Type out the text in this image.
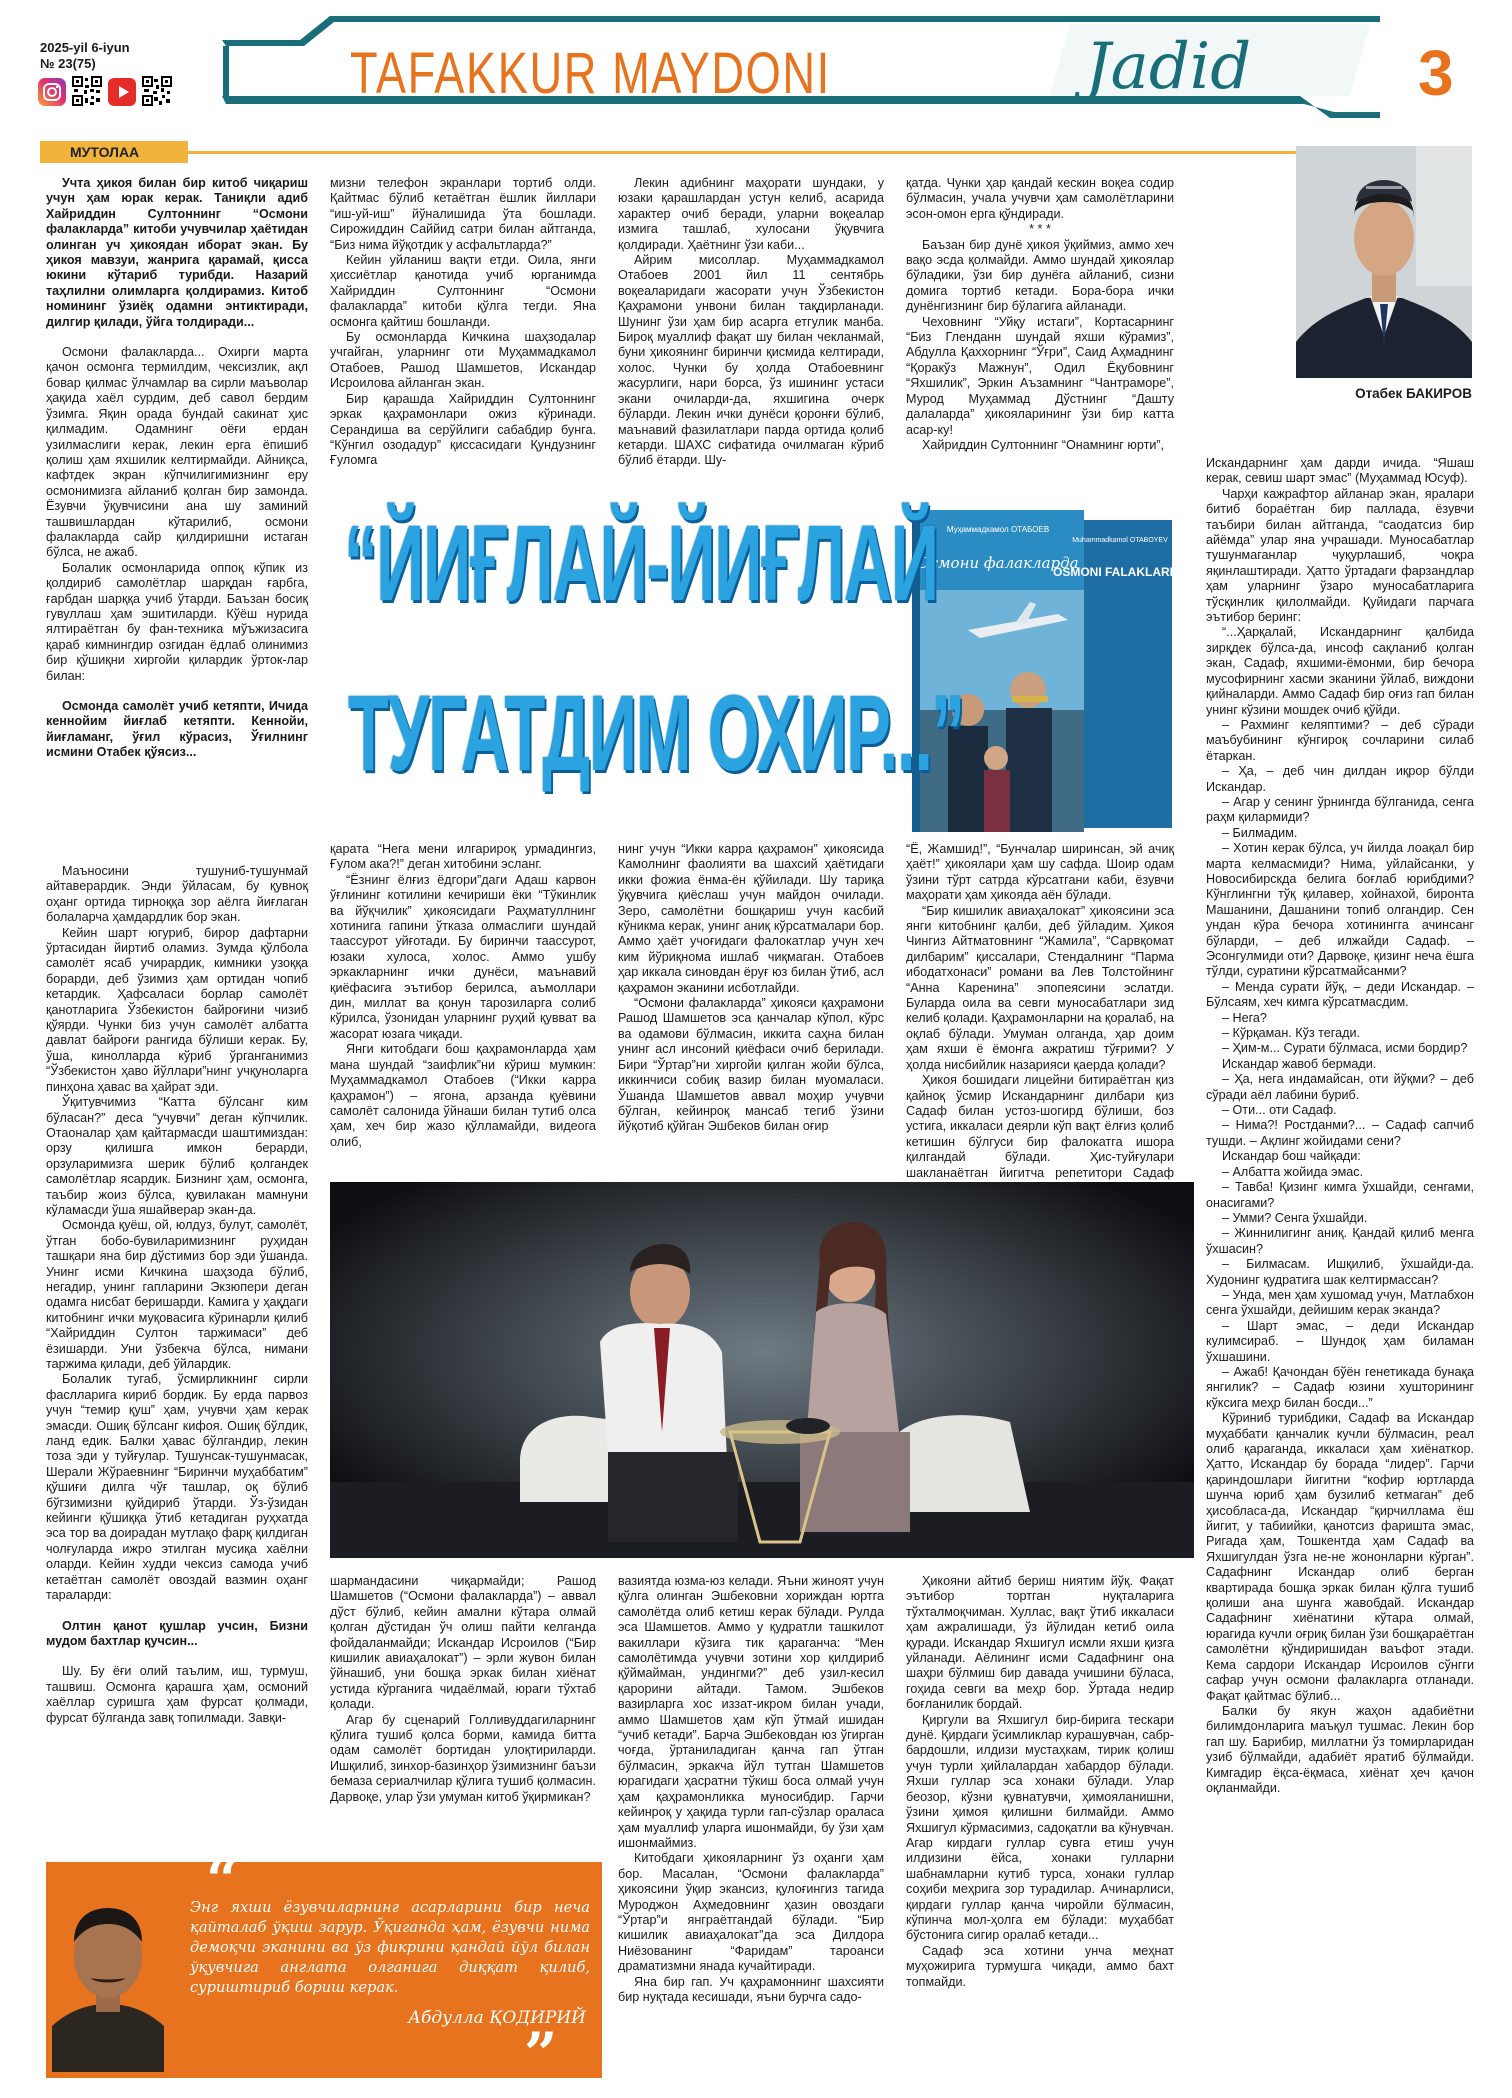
2025-yil 6-iyun
№ 23(75)	TAFAKKUR MAYDONI	Jadid	3
МУТОЛАА
Отабек БАКИРОВ

Учта ҳикоя билан бир китоб чиқариш учун ҳам юрак керак. Таниқли адиб Хайриддин Султоннинг “Осмони фалакларда” китоби учувчилар ҳаётидан олинган уч ҳикоядан иборат экан. Бу ҳикоя мавзуи, жанрига қарамай, қисса юкини кўтариб турибди. Назарий таҳлилни олимларга қолдирамиз. Китоб номининг ўзиёқ одамни энтиктиради, дилгир қилади, ўйга толдиради...

Осмони фалакларда... Охирги марта қачон осмонга термилдим, чексизлик, ақл бовар қилмас ўлчамлар ва сирли маъволар ҳақида хаёл сурдим, деб савол бердим ўзимга. Яқин орада бундай сакинат ҳис қилмадим. Одамнинг оёғи ердан узилмаслиги керак, лекин ерга ёпишиб қолиш ҳам яхшилик келтирмайди. Айниқса, кафтдек экран кўпчилигимизнинг еру осмонимизга айланиб қолган бир замонда. Ёзувчи ўқувчисини ана шу заминий ташвишлардан кўтарилиб, осмони фалакларда сайр қилдиришни истаган бўлса, не ажаб.

Болалик осмонларида оппоқ кўпик из қолдириб самолётлар шарқдан ғарбга, ғарбдан шарққа учиб ўтарди. Баъзан босиқ гувуллаш ҳам эшитиларди. Кўёш нурида ялтираётган бу фан-техника мўъжизасига қараб кимнингдир озгидан ёдлаб олинимиз бир қўшиқни хиргойи қилардик ўрток-лар билан:

Осмонда самолёт учиб кетяпти, Ичида кеннойим йиғлаб кетяпти. Кеннойи, йиғламанг, ўғил кўрасиз, Ўғилнинг исмини Отабек қўясиз...

мизни телефон экранлари тортиб олди. Қайтмас бўлиб кетаётган ёшлик йиллари “иш-уй-иш” йўналишида ўта бошлади. Сирожиддин Саййид сатри билан айтганда, “Биз нима йўқотдик у асфальтларда?”

Кейин уйланиш вақти етди. Оила, янги ҳиссиётлар қанотида учиб юрганимда Хайриддин Султоннинг “Осмони фалакларда” китоби қўлга тегди. Яна осмонга қайтиш бошланди.

Бу осмонларда Кичкина шаҳзодалар учгайган, уларнинг оти Муҳаммадкамол Отабоев, Рашод Шамшетов, Искандар Исроилова айланган экан.

Бир қарашда Хайриддин Султоннинг эркак қаҳрамонлари ожиз кўринади. Серандиша ва серўйлиги сабабдир бунга. “Кўнгил озодадур” қиссасидаги Қундузнинг Ғуломга

Лекин адибнинг маҳорати шундаки, у юзаки қарашлардан устун келиб, асарида характер очиб беради, уларни воқеалар измига ташлаб, хулосани ўқувчига қолдиради. Ҳаётнинг ўзи каби...

Айрим мисоллар. Муҳаммадкамол Отабоев 2001 йил 11 сентябрь воқеаларидаги жасорати учун Ўзбекистон Қаҳрамони унвони билан тақдирланади. Шунинг ўзи ҳам бир асарга етгулик манба. Бироқ муаллиф фақат шу билан чекланмай, буни ҳикоянинг биринчи қисмида келтиради, холос. Чунки бу ҳолда Отабоевнинг жасурлиги, нари борса, ўз ишининг устаси экани очиларди-да, яхшигина очерк бўларди. Лекин ички дунёси қоронғи бўлиб, маънавий фазилатлари парда ортида қолиб кетарди. ШАХС сифатида очилмаган кўриб бўлиб ётарди. Шу-

қатда. Чунки ҳар қандай кескин воқеа содир бўлмасин, учала учувчи ҳам самолётларини эсон-омон ерга қўндиради.

* * *

Баъзан бир дунё ҳикоя ўқиймиз, аммо хеч вақо эсда қолмайди. Аммо шундай ҳикоялар бўладики, ўзи бир дунёга айланиб, сизни домига тортиб кетади. Бора-бора ички дунёнгизнинг бир бўлагига айланади.

Чеховнинг “Уйқу истаги”, Кортасарнинг “Биз Гленданн шундай яхши кўрамиз”, Абдулла Қаххорнинг “Ўғри”, Саид Аҳмаднинг “Қоракўз Мажнун”, Одил Ёқубовнинг “Яхшилик”, Эркин Аъзамнинг “Чантраморе”, Мурод Муҳаммад Дўстнинг “Дашту далаларда” ҳикояларининг ўзи бир катта асар-ку!

Хайриддин Султоннинг “Онамнинг юрти”,

Искандарнинг ҳам дарди ичида. “Яшаш керак, севиш шарт эмас” (Муҳаммад Юсуф).

Чарҳи кажрафтор айланар экан, яралари битиб бораётган бир паллада, ёзувчи таъбири билан айтганда, “саодатсиз бир айёмда” улар яна учрашади. Муносабатлар тушунмаганлар чуқурлашиб, чоқра яқинлаштиради. Ҳатто ўртадаги фарзандлар ҳам уларнинг ўзаро муносабатларига тўсқинлик қилолмайди. Қуйидаги парчага эътибор беринг:

“...Ҳарқалай, Искандарнинг қалбида зирқдек бўлса-да, инсоф сақланиб қолган экан, Садаф, яхшими-ёмонми, бир бечора мусофирнинг хасми эканини ўйлаб, виждони қийналарди. Аммо Садаф бир оғиз гап билан унинг кўзини мошдек очиб қўйди.

– Рахминг келяптими? – деб сўради маъбубининг кўнгироқ сочларини силаб ётаркан.

– Ҳа, – деб чин дилдан иқрор бўлди Искандар.

– Агар у сенинг ўрнингда бўлганида, сенга раҳм қилармиди?

– Билмадим.

– Хотин керак бўлса, уч йилда лоақал бир марта келмасмиди? Нима, уйлайсанки, у Новосибирскда белига боғлаб юрибдими? Кўнглингни тўқ қилавер, хойнахой, биронта Машанини, Дашанини топиб олгандир. Сен ундан кўра бечора хотинингга ачинсанг бўларди, – деб илжайди Садаф. – Эсонгулмиди оти? Дарвоқе, қизинг неча ёшга тўлди, суратини кўрсатмайсанми?

– Менда сурати йўқ, – деди Искандар. – Бўлсаям, хеч кимга кўрсатмасдим.

– Нега?

– Кўрқаман. Кўз тегади.

– Ҳим-м... Сурати бўлмаса, исми бордир?

Искандар жавоб бермади.

– Ҳа, нега индамайсан, оти йўқми? – деб сўради аёл лабини буриб.

– Оти... оти Садаф.

– Нима?! Ростданми?... – Садаф сапчиб тушди. – Ақлинг жойидами сени?

Искандар бош чайқади:

– Албатта жойида эмас.

– Тавба! Қизинг кимга ўхшайди, сенгами, онасигами?

– Умми? Сенга ўхшайди.

– Жиннилигинг аниқ. Қандай қилиб менга ўхшасин?

– Билмасам. Ишқилиб, ўхшайди-да. Худонинг қудратига шак келтирмассан?

– Унда, мен ҳам хушомад учун, Матлабхон сенга ўхшайди, дейишим керак эканда?

– Шарт эмас, – деди Искандар кулимсираб. – Шундоқ ҳам биламан ўхшашини.

– Ажаб! Қачондан бўён генетикада бунақа янгилик? – Садаф юзини хушторининг кўксига меҳр билан босди...”

Кўриниб турибдики, Садаф ва Искандар муҳаббати қанчалик кучли бўлмасин, реал олиб қараганда, иккаласи ҳам хиёнаткор. Ҳатто, Искандар бу борада “лидер”. Гарчи қариндошлари йигитни “кофир юртларда шунча юриб ҳам бузилиб кетмаган” деб ҳисобласа-да, Искандар “қирчиллама ёш йигит, у табиийки, қанотсиз фаришта эмас, Ригада ҳам, Тошкентда ҳам Садаф ва Яхшигулдан ўзга не-не жононларни кўрган”. Садафнинг Искандар олиб берган квартирада бошқа эркак билан қўлга тушиб қолиши ана шунга жавобдай. Искандар Садафнинг хиёнатини кўтара олмай, юрагида кучли оғриқ билан ўзи бошқараётган самолётни қўндиришидан ваъфот этади. Кема сардори Искандар Исроилов сўнгги сафар учун осмони фалакларга отланади. Фақат қайтмас бўлиб...

Балки бу якун жаҳон адабиётни билимдонларига маъқул тушмас. Лекин бор гап шу. Барибир, миллатни ўз томирларидан узиб бўлмайди, адабиёт яратиб бўлмайди. Кимгадир ёқса-ёқмаса, хиёнат ҳеч қачон оқланмайди.

Маъносини тушуниб-тушунмай айтаверардик. Энди ўйласам, бу қувноқ оҳанг ортида тирноққа зор аёлга йиғлаган болаларча ҳамдардлик бор экан.

Кейин шарт югуриб, бирор дафтарни ўртасидан йиртиб оламиз. Зумда қўлбола самолёт ясаб учирардик, кимники узоққа борарди, деб ўзимиз ҳам ортидан чопиб кетардик. Ҳафсалаcи борлар самолёт қанотларига Ўзбекистон байроғини чизиб қўярди. Чунки биз учун самолёт албатта давлат байроғи рангида бўлиши керак. Бу, ўша, кинолларда кўриб ўрганганимиз “Ўзбекистон ҳаво йўллари”нинг учқуноларга пинҳона ҳавас ва ҳайрат эди.

Ўқитувчимиз “Катта бўлсанг ким бўласан?” деса “учувчи” деган кўпчилик. Отаоналар ҳам қайтармасди шаштимиздан: орзу қилишга имкон берарди, орзуларимизга шерик бўлиб қолгандек самолётлар ясардик. Бизнинг ҳам, осмонга, таъбир жоиз бўлса, қувилакан мамнуни кўламасди ўша яшайверар экан-да.

Осмонда қуёш, ой, юлдуз, булут, самолёт, ўтган бобо-бувиларимизнинг руҳидан ташқари яна бир дўстимиз бор эди ўшанда. Унинг исми Кичкина шаҳзода бўлиб, негадир, унинг гапларини Экзюпери деган одамга нисбат беришарди. Камига у ҳақдаги китобнинг ички муқовасига кўринарли қилиб “Хайриддин Султон таржимаси” деб ёзишарди. Уни ўзбекча бўлса, нимани таржима қилади, деб ўйлардик.

Болалик тугаб, ўсмирликнинг сирли фаслларига кириб бордик. Бу ерда парвоз учун “темир қуш” ҳам, учувчи ҳам керак эмасди. Ошиқ бўлсанг кифоя. Ошиқ бўлдик, ланд едик. Балки ҳавас бўлгандир, лекин тоза эди у туйғулар. Тушунсак-тушунмасак, Шерали Жўраевнинг “Биринчи муҳаббатим” қўшиғи дилга чўғ ташлар, оқ бўлиб бўгзимизни қуйдириб ўтарди. Ўз-ўзидан кейинги қўшиққа ўтиб кетадиган руҳхатда эса тор ва доирадан мутлақо фарқ қилдиган чолғуларда ижро этилган мусиқа хаёлни оларди. Кейин худди чексиз самода учиб кетаётган самолёт овоздай вазмин оҳанг тараларди:

Олтин қанот қушлар учсин, Бизни мудом бахтлар қучсин...

Шу. Бу ёғи олий таълим, иш, турмуш, ташвиш. Осмонга қарашга ҳам, осмоний хаёллар суришга ҳам фурсат қолмади, фурсат бўлганда завқ топилмади. Завқи-

қарата “Нега мени илгарироқ урмадингиз, Ғулом ака?!” деган хитобини эсланг.

“Ёзнинг ёлғиз ёдгори”даги Адаш карвон ўғлининг котилини кечириши ёки “Тўкинлик ва йўқчилик” ҳикоясидаги Раҳматуллнинг хотинига гапини ўтказа олмаслиги шундай таассурот уйғотади. Бу биринчи таассурот, юзаки хулоса, холос. Аммо ушбу эркакларнинг ички дунёси, маънавий қиёфасига эътибор берилса, аъмоллари дин, миллат ва қонун тарозиларга солиб кўрилса, ўзонидан уларнинг руҳий қувват ва жасорат юзага чиқади.

Янги китобдаги бош қаҳрамонларда ҳам мана шундай “заифлик”ни кўриш мумкин: Муҳаммадкамол Отабоев (“Икки карра қаҳрамон”) – ягона, арзанда қуёвини самолёт салонида ўйнаши билан тутиб олса ҳам, хеч бир жазо қўлламайди, видеога олиб,

нинг учун “Икки карра қаҳрамон” ҳикоясида Камолнинг фаолияти ва шахсий ҳаётидаги икки фожиа ёнма-ён қўйилади. Шу тариқа ўқувчига қиёслаш учун майдон очилади. Зеро, самолётни бошқариш учун касбий кўникма керак, унинг аниқ кўрсатмалари бор. Аммо ҳаёт учоғидаги фалокатлар учун хеч ким йўриқнома ишлаб чиқмаган. Отабоев ҳар иккала синовдан ёруғ юз билан ўтиб, асл қаҳрамон эканини исботлайди.

“Осмони фалакларда” ҳикояси қаҳрамони Рашод Шамшетов эса қанчалар кўпол, кўрс ва одамови бўлмасин, иккита саҳна билан унинг асл инсоний қиёфаси очиб берилади. Бири “Ўртар”ни хиргойи қилган жойи бўлса, иккинчиси собиқ вазир билан муомаласи. Ўшанда Шамшетов аввал моҳир учувчи бўлган, кейинроқ мансаб тегиб ўзини йўқотиб қўйган Эшбеков билан оғир

“Ё, Жамшид!”, “Бунчалар ширинсан, эй ачиқ ҳаёт!” ҳикоялари ҳам шу сафда. Шоир одам ўзини тўрт сатрда кўрсатгани каби, ёзувчи маҳорати ҳам ҳикояда аён бўлади.

“Бир кишилик авиаҳалокат” ҳикоясини эса янги китобнинг қалби, деб ўйладим. Ҳикоя Чингиз Айтматовнинг “Жамила”, “Сарвқомат дилбарим” қиссалари, Стендалнинг “Парма ибодатхонаси” романи ва Лев Толстойнинг “Анна Каренина” эпопеясини эслатди. Буларда оила ва севги муносабатлари зид келиб қолади. Қаҳрамонларни на қоралаб, на оқлаб бўлади. Умуман олганда, ҳар доим ҳам яхши ё ёмонга ажратиш тўғрими? У ҳолда нисбийлик назарияси қаерда қолади?

Ҳикоя бошидаги лицейни битираётган қиз қайноқ ўсмир Искандарнинг дилбари қиз Садаф билан устоз-шогирд бўлиши, боз устига, иккаласи деярли кўп вақт ёлғиз қолиб кетишин бўлгуси бир фалокатга ишора қилгандай бўлади. Ҳис-туйғулари шакланаётган йигитча репетитори Садаф

шармандасини чиқармайди; Рашод Шамшетов (“Осмони фалакларда”) – аввал дўст бўлиб, кейин амални кўтара олмай қолган дўстидан ўч олиш пайти келганда фойдаланмайди; Искандар Исроилов (“Бир кишилик авиаҳалокат”) – эрли жувон билан ўйнашиб, уни бошқа эркак билан хиёнат устида кўрганига чидаёлмай, юраги тўхтаб қолади.

Агар бу сценарий Голливуддагиларнинг қўлига тушиб қолса борми, камида битта одам самолёт бортидан улоқтириларди. Ишқилиб, зинхор-базинҳор ўзимизнинг баъзи бемаза сериалчилар қўлига тушиб қолмасин. Дарвоқе, улар ўзи умуман китоб ўқирмикан?

вазиятда юзма-юз келади. Яъни жиноят учун қўлга олинган Эшбековни хориждан юртга самолётда олиб кетиш керак бўлади. Рулда эса Шамшетов. Аммо у қудратли ташкилот вакиллари кўзига тик қараганча: “Мен самолётимда учувчи зотини хор қилдириб қўймайман, ундингми?” деб узил-кесил қарорини айтади. Тамом. Эшбеков вазирларга хос иззат-икром билан учади, аммо Шамшетов ҳам кўп ўтмай ишидан “учиб кетади”. Барча Эшбековдан юз ўгирган чоғда, ўртаниладиган қанча гап ўтган бўлмасин, эркакча йўл тутган Шамшетов юрагидаги ҳасратни тўкиш боса олмай учун ҳам қаҳрамонликка муносибдир. Гарчи кейинроқ у ҳақида турли гап-сўзлар оралаcа ҳам муаллиф уларга ишонмайди, бу ўзи ҳам ишонмаймиз.

Китобдаги ҳикояларнинг ўз оҳанги ҳам бор. Масалан, “Осмони фалакларда” ҳикоясини ўқир эканcиз, қулоғингиз тагида Муроджон Аҳмедовнинг ҳазин овоздаги “Ўртар”и янграётгандай бўлади. “Бир кишилик авиаҳалокат”да эса Дилдора Ниёзованинг “Фаридам” тароанcи драматизмни янада кучайтиради.

Яна бир гап. Уч қаҳрамоннинг шахсияти бир нуқтада кесишади, яъни бурчга садо-

Ҳикояни айтиб бериш ниятим йўқ. Фақат эътибор тортган нуқталарига тўхталмоқчиман. Хуллас, вақт ўтиб иккаласи ҳам ажралишади, ўз йўлидан кетиб оила қуради. Искандар Яхшигул исмли яхши қизга уйланади. Аёлининг исми Садафнинг она шаҳри бўлмиш бир давада учишини бўласа, гоҳида севги ва меҳр бор. Ўртада недир боғланилик бордай.

Қиргули ва Яхшигул бир-бирига тескари дунё. Қирдаги ўсимликлар курашувчан, сабр-бардошли, илдизи мустаҳкам, тирик қолиш учун турли ҳийлалардан хабардор бўлади. Яхши гуллар эса хонаки бўлади. Улар беозор, кўзни қувнатувчи, ҳимояланишни, ўзини ҳимоя қилишни билмайди. Аммо Яхшигул кўрмасимиз, садоқатли ва кўнувчан. Агар кирдаги гуллар сувга етиш учун илдизини ёйса, хонаки гулларни шабнамларни кутиб турса, хонаки гуллар соҳиби меҳрига зор турадилар. Ачинарлиси, қирдаги гуллар қанча чиройли бўлмасин, кўпинча мол-ҳолга ем бўлади: муҳаббат бўстонига сигир оралаб кетади...

Садаф эса хотини унча меҳнат муҳожирига турмушга чиқади, аммо бахт топмайди.

Муҳаммадкамол ОТАБОЕВ
Осмони фалакларда
Muhammadkamol OTABOYEV
OSMONI FALAKLARDA
“ЙИҒЛАЙ-ЙИҒЛАЙ
ТУГАТДИМ ОХИР...”
“
Энг яхши ёзувчиларнинг асарларини бир неча қайталаб ўқиш зарур. Ўқиганда ҳам, ёзувчи нима демоқчи эканини ва ўз фикрини қандай йўл билан ўқувчига англата олганига диққат қилиб, суриштириб бориш керак.
Абдулла ҚОДИРИЙ
”
